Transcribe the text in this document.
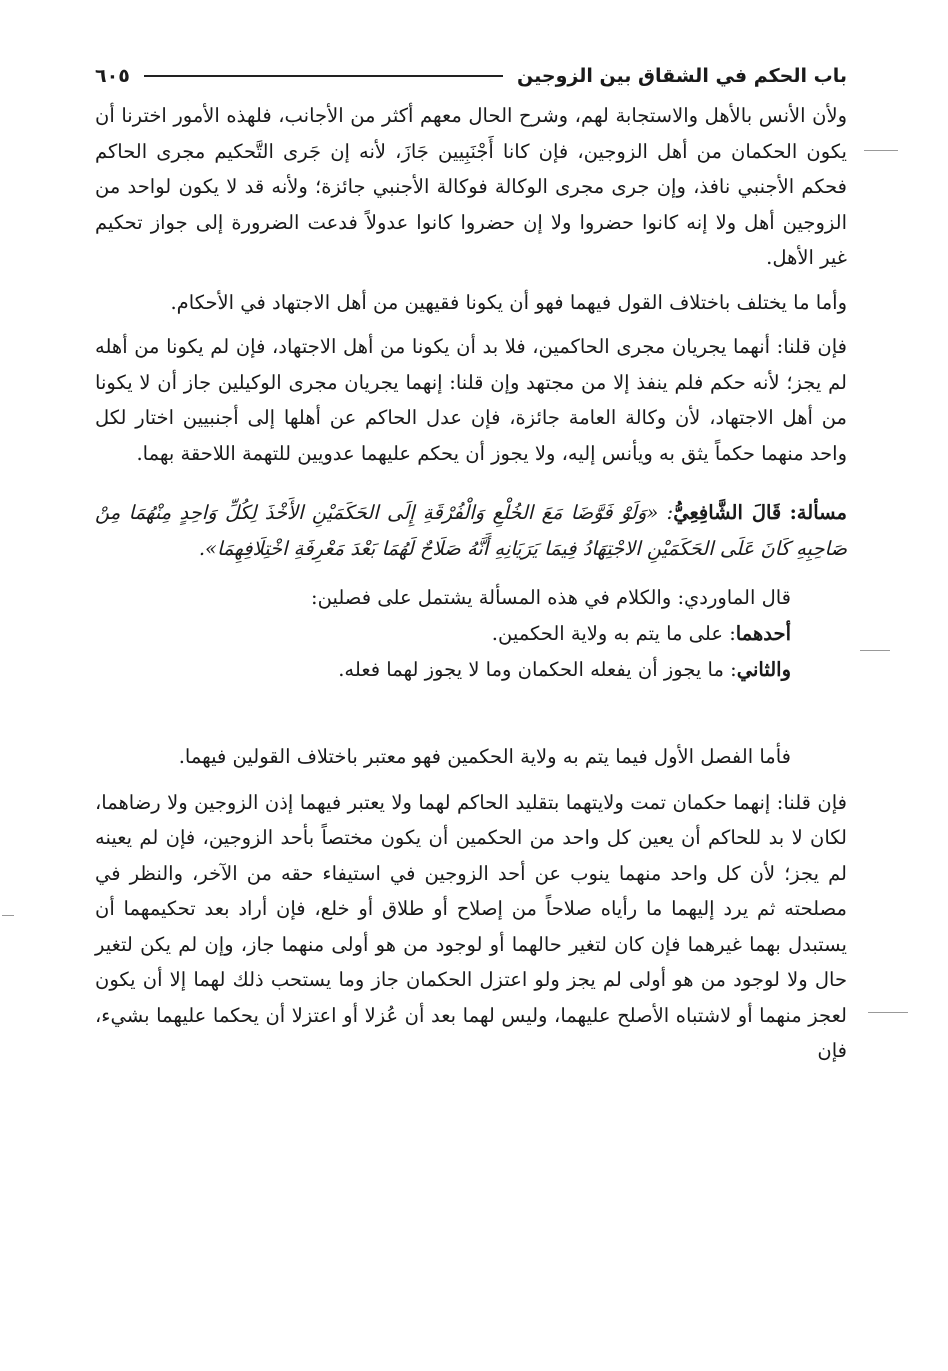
باب الحكم في الشقاق بين الزوجين
٦٠٥

ولأن الأنس بالأهل والاستجابة لهم، وشرح الحال معهم أكثر من الأجانب، فلهذه الأمور اخترنا أن يكون الحكمان من أهل الزوجين، فإن كانا أَجْنَبِيين جَازَ، لأنه إن جَرى التَّحكيم مجرى الحاكم فحكم الأجنبي نافذ، وإن جرى مجرى الوكالة فوكالة الأجنبي جائزة؛ ولأنه قد لا يكون لواحد من الزوجين أهل ولا إنه كانوا حضروا ولا إن حضروا كانوا عدولاً فدعت الضرورة إلى جواز تحكيم غير الأهل.

وأما ما يختلف باختلاف القول فيهما فهو أن يكونا فقيهين من أهل الاجتهاد في الأحكام.

فإن قلنا: أنهما يجريان مجرى الحاكمين، فلا بد أن يكونا من أهل الاجتهاد، فإن لم يكونا من أهله لم يجز؛ لأنه حكم فلم ينفذ إلا من مجتهد وإن قلنا: إنهما يجريان مجرى الوكيلين جاز أن لا يكونا من أهل الاجتهاد، لأن وكالة العامة جائزة، فإن عدل الحاكم عن أهلها إلى أجنبيين اختار لكل واحد منهما حكماً يثق به ويأنس إليه، ولا يجوز أن يحكم عليهما عدويين للتهمة اللاحقة بهما.

مسألة: قَالَ الشَّافِعِيُّ: «وَلَوْ فَوَّضَا مَعَ الخُلْعِ وَالْفُرْقَةِ إِلَى الحَكَمَيْنِ الأَخْذَ لِكُلِّ وَاحِدٍ مِنْهُمَا مِنْ صَاحِبِهِ كَانَ عَلَى الحَكَمَيْنِ الاجْتِهَادُ فِيمَا يَرَيَانِهِ أَنَّهُ صَلَاحٌ لَهُمَا بَعْدَ مَعْرِفَةِ اخْتِلَافِهِمَا».

قال الماوردي: والكلام في هذه المسألة يشتمل على فصلين:
أحدهما: على ما يتم به ولاية الحكمين.
والثاني: ما يجوز أن يفعله الحكمان وما لا يجوز لهما فعله.

فأما الفصل الأول فيما يتم به ولاية الحكمين فهو معتبر باختلاف القولين فيهما.

فإن قلنا: إنهما حكمان تمت ولايتهما بتقليد الحاكم لهما ولا يعتبر فيهما إذن الزوجين ولا رضاهما، لكان لا بد للحاكم أن يعين كل واحد من الحكمين أن يكون مختصاً بأحد الزوجين، فإن لم يعينه لم يجز؛ لأن كل واحد منهما ينوب عن أحد الزوجين في استيفاء حقه من الآخر، والنظر في مصلحته ثم يرد إليهما ما رأياه صلاحاً من إصلاح أو طلاق أو خلع، فإن أراد بعد تحكيمهما أن يستبدل بهما غيرهما فإن كان لتغير حالهما أو لوجود من هو أولى منهما جاز، وإن لم يكن لتغير حال ولا لوجود من هو أولى لم يجز ولو اعتزل الحكمان جاز وما يستحب ذلك لهما إلا أن يكون لعجز منهما أو لاشتباه الأصلح عليهما، وليس لهما بعد أن عُزلا أو اعتزلا أن يحكما عليهما بشيء، فإن
